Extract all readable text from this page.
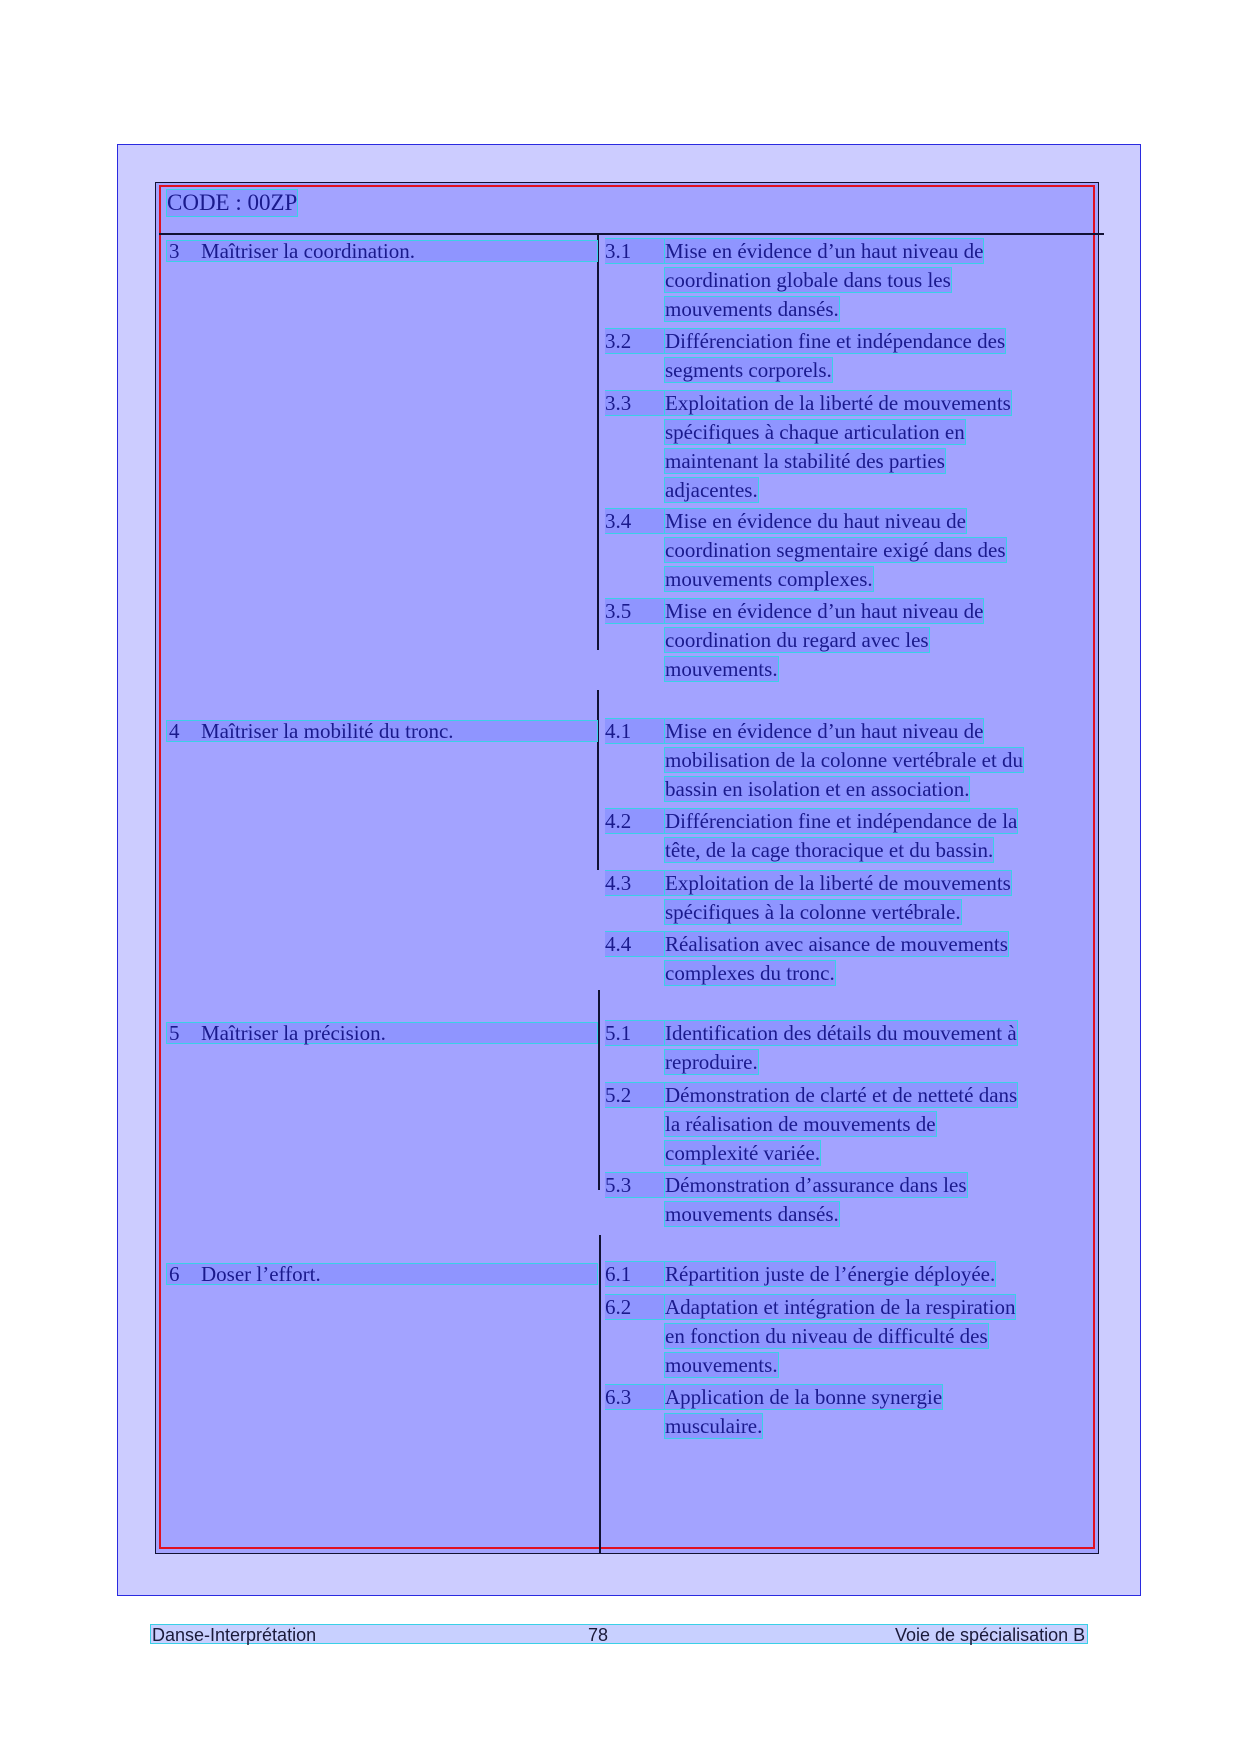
CODE : 00ZP
3 Maîtriser la coordination.	3.1	Mise en évidence d’un haut niveau de
coordination globale dans tous les
mouvements dansés.
3.2	Différenciation fine et indépendance des
segments corporels.
3.3	Exploitation de la liberté de mouvements
spécifiques à chaque articulation en
maintenant la stabilité des parties
adjacentes.
3.4	Mise en évidence du haut niveau de
coordination segmentaire exigé dans des
mouvements complexes.
3.5	Mise en évidence d’un haut niveau de
coordination du regard avec les
mouvements.
4 Maîtriser la mobilité du tronc.	4.1	Mise en évidence d’un haut niveau de
mobilisation de la colonne vertébrale et du
bassin en isolation et en association.
4.2	Différenciation fine et indépendance de la
tête, de la cage thoracique et du bassin.
4.3	Exploitation de la liberté de mouvements
spécifiques à la colonne vertébrale.
4.4	Réalisation avec aisance de mouvements
complexes du tronc.
5 Maîtriser la précision.	5.1	Identification des détails du mouvement à
reproduire.
5.2	Démonstration de clarté et de netteté dans
la réalisation de mouvements de
complexité variée.
5.3	Démonstration d’assurance dans les
mouvements dansés.
6 Doser l’effort.	6.1	Répartition juste de l’énergie déployée.
6.2	Adaptation et intégration de la respiration
en fonction du niveau de difficulté des
mouvements.
6.3	Application de la bonne synergie
musculaire.
Danse-Interprétation	78	Voie de spécialisation B
